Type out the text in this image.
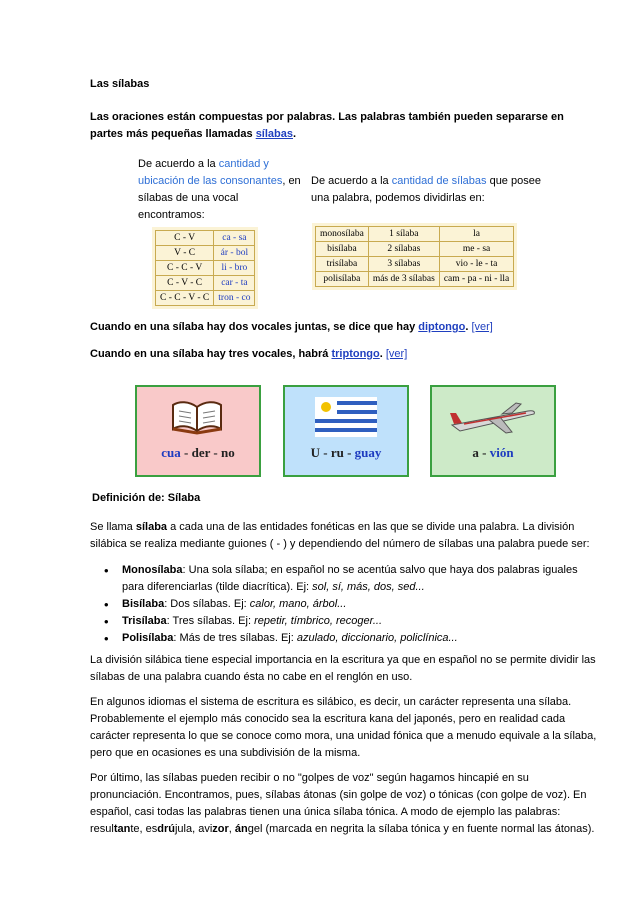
Las sílabas
Las oraciones están compuestas por palabras. Las palabras también pueden separarse en partes más pequeñas llamadas sílabas.
De acuerdo a la cantidad y ubicación de las consonantes, en sílabas de una vocal encontramos:
De acuerdo a la cantidad de sílabas que posee una palabra, podemos dividirlas en:
C - V	ca - sa
V - C	ár - bol
C - C - V	li - bro
C - V - C	car - ta
C - C - V - C	tron - co
monosílaba	1 sílaba	la
bisílaba	2 sílabas	me - sa
trisílaba	3 sílabas	vio - le - ta
polisílaba	más de 3 sílabas	cam - pa - ni - lla
Cuando en una sílaba hay dos vocales juntas, se dice que hay diptongo. [ver]
Cuando en una sílaba hay tres vocales, habrá triptongo. [ver]
cua - der - no	U - ru - guay	a - vión
Definición de: Sílaba
Se llama sílaba a cada una de las entidades fonéticas en las que se divide una palabra. La división silábica se realiza mediante guiones ( - ) y dependiendo del número de sílabas una palabra puede ser:
• Monosílaba: Una sola sílaba; en español no se acentúa salvo que haya dos palabras iguales para diferenciarlas (tilde diacrítica). Ej: sol, sí, más, dos, sed...
• Bisílaba: Dos sílabas. Ej: calor, mano, árbol...
• Trisílaba: Tres sílabas. Ej: repetir, tímbrico, recoger...
• Polisílaba: Más de tres sílabas. Ej: azulado, diccionario, policlínica...
La división silábica tiene especial importancia en la escritura ya que en español no se permite dividir las sílabas de una palabra cuando ésta no cabe en el renglón en uso.
En algunos idiomas el sistema de escritura es silábico, es decir, un carácter representa una sílaba. Probablemente el ejemplo más conocido sea la escritura kana del japonés, pero en realidad cada carácter representa lo que se conoce como mora, una unidad fónica que a menudo equivale a la sílaba, pero que en ocasiones es una subdivisión de la misma.
Por último, las sílabas pueden recibir o no "golpes de voz" según hagamos hincapié en su pronunciación. Encontramos, pues, sílabas átonas (sin golpe de voz) o tónicas (con golpe de voz). En español, casi todas las palabras tienen una única sílaba tónica. A modo de ejemplo las palabras: resultante, esdrújula, avizor, ángel (marcada en negrita la sílaba tónica y en fuente normal las átonas).
